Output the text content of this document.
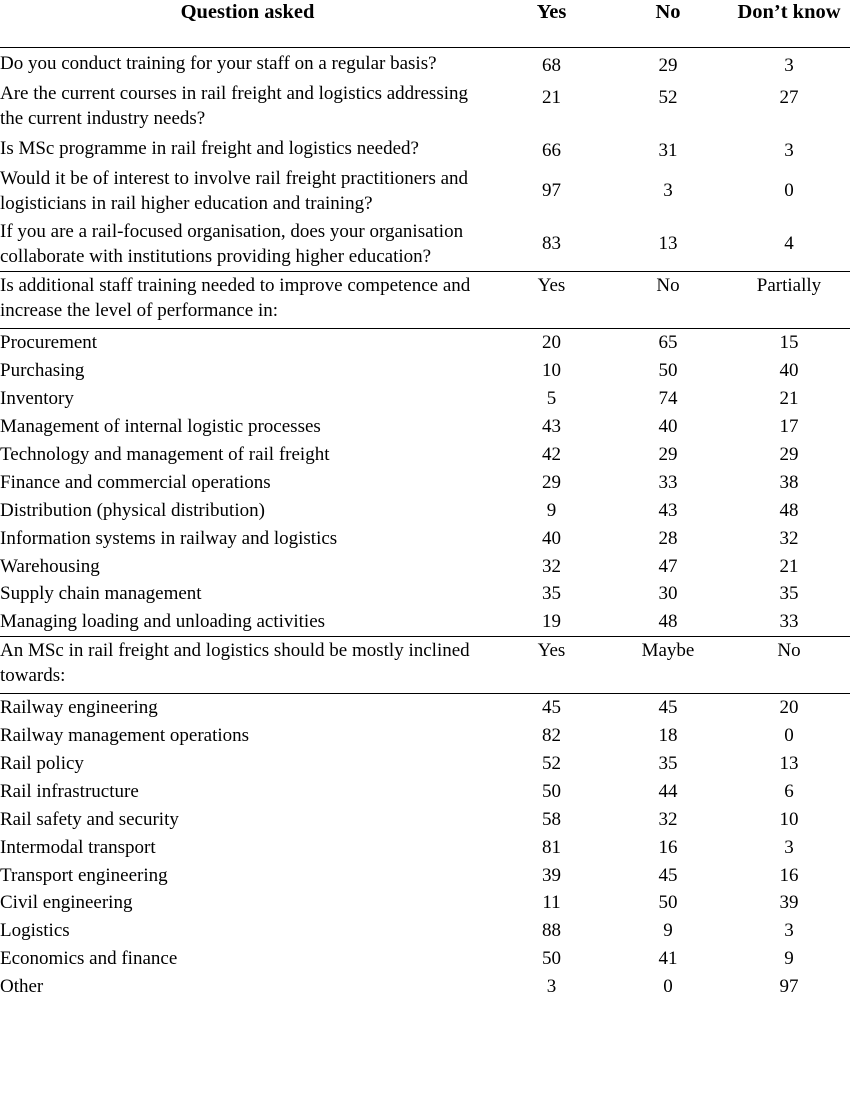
Question asked	Yes	No	Don’t know
Do you conduct training for your staff on a regular basis?	68	29	3
Are the current courses in rail freight and logistics addressing the current industry needs?	21	52	27
Is MSc programme in rail freight and logistics needed?	66	31	3
Would it be of interest to involve rail freight practitioners and logisticians in rail higher education and training?	97	3	0
If you are a rail-focused organisation, does your organisation collaborate with institutions providing higher education?	83	13	4
Is additional staff training needed to improve competence and increase the level of performance in:	Yes	No	Partially
Procurement	20	65	15
Purchasing	10	50	40
Inventory	5	74	21
Management of internal logistic processes	43	40	17
Technology and management of rail freight	42	29	29
Finance and commercial operations	29	33	38
Distribution (physical distribution)	9	43	48
Information systems in railway and logistics	40	28	32
Warehousing	32	47	21
Supply chain management	35	30	35
Managing loading and unloading activities	19	48	33
An MSc in rail freight and logistics should be mostly inclined towards:	Yes	Maybe	No
Railway engineering	45	45	20
Railway management operations	82	18	0
Rail policy	52	35	13
Rail infrastructure	50	44	6
Rail safety and security	58	32	10
Intermodal transport	81	16	3
Transport engineering	39	45	16
Civil engineering	11	50	39
Logistics	88	9	3
Economics and finance	50	41	9
Other	3	0	97
